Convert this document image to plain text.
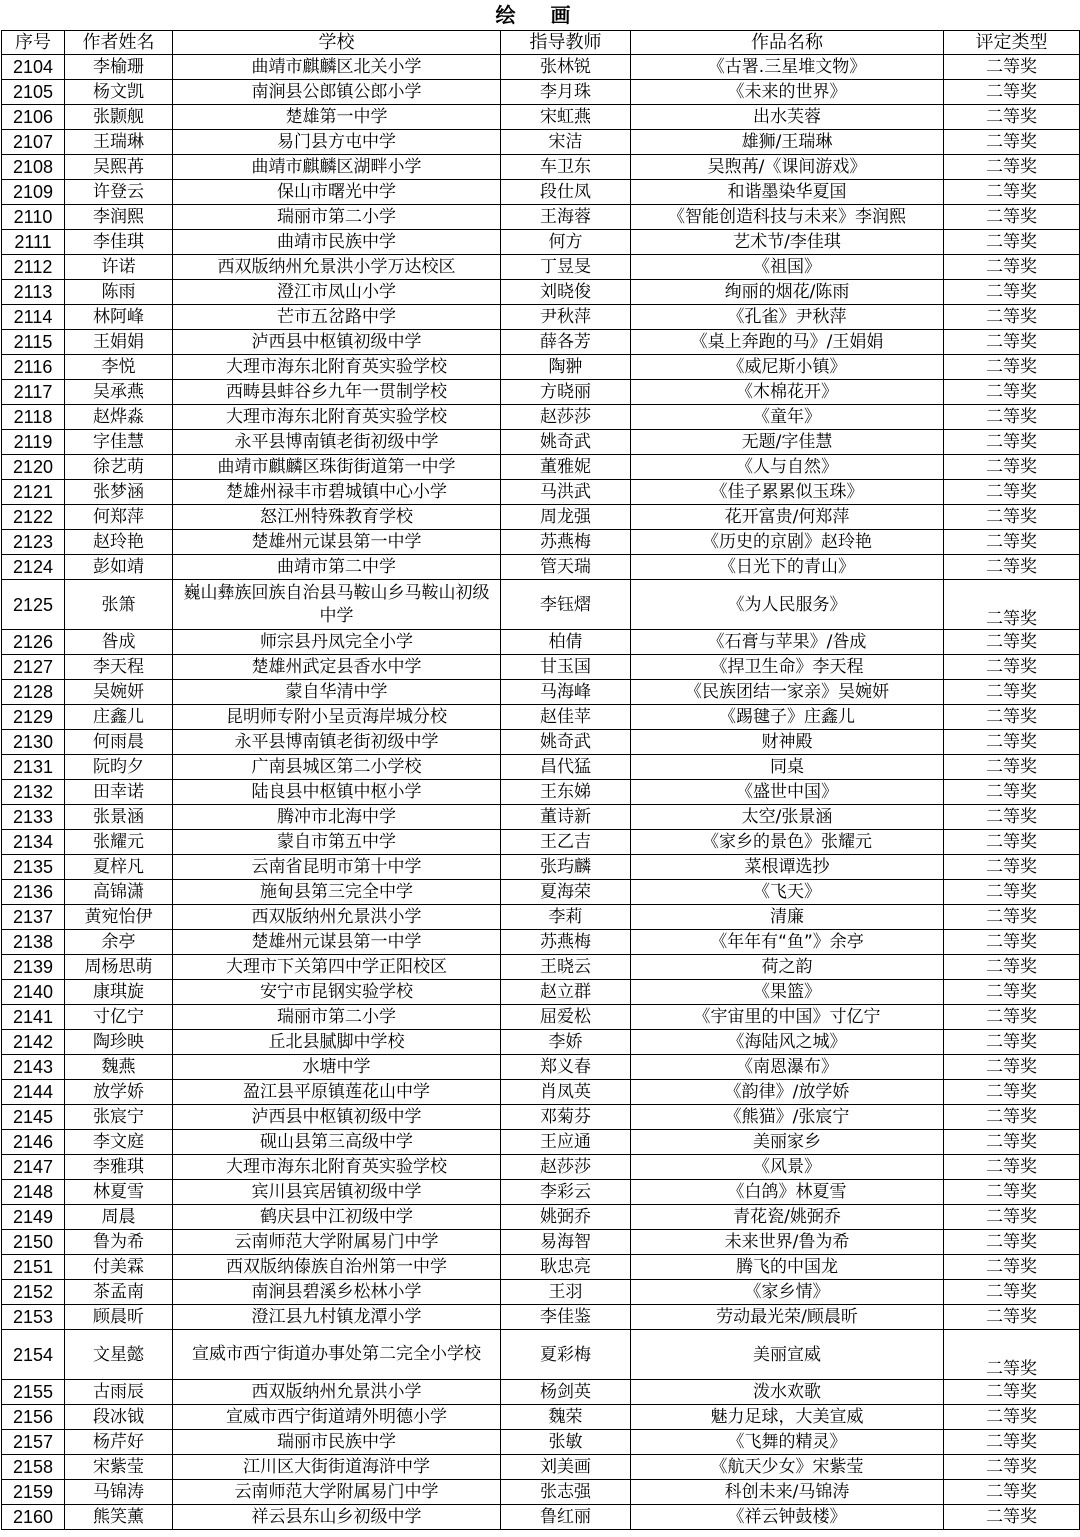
绘 画
序号	作者姓名	学校	指导教师	作品名称	评定类型
2104	李榆珊	曲靖市麒麟区北关小学	张林锐	《古署.三星堆文物》	二等奖
2105	杨文凯	南涧县公郎镇公郎小学	李月珠	《未来的世界》	二等奖
2106	张颢舰	楚雄第一中学	宋虹燕	出水芙蓉	二等奖
2107	王瑞琳	易门县方屯中学	宋洁	雄狮/王瑞琳	二等奖
2108	吴熙苒	曲靖市麒麟区湖畔小学	车卫东	吴煦苒/《课间游戏》	二等奖
2109	许登云	保山市曙光中学	段仕凤	和谐墨染华夏国	二等奖
2110	李润熙	瑞丽市第二小学	王海蓉	《智能创造科技与未来》李润熙	二等奖
2111	李佳琪	曲靖市民族中学	何方	艺术节/李佳琪	二等奖
2112	许诺	西双版纳州允景洪小学万达校区	丁昱旻	《祖国》	二等奖
2113	陈雨	澄江市凤山小学	刘晓俊	绚丽的烟花/陈雨	二等奖
2114	林阿峰	芒市五岔路中学	尹秋萍	《孔雀》尹秋萍	二等奖
2115	王娟娟	泸西县中枢镇初级中学	薛各芳	《桌上奔跑的马》/王娟娟	二等奖
2116	李悦	大理市海东北附育英实验学校	陶翀	《威尼斯小镇》	二等奖
2117	吴承燕	西畴县蚌谷乡九年一贯制学校	方晓丽	《木棉花开》	二等奖
2118	赵烨淼	大理市海东北附育英实验学校	赵莎莎	《童年》	二等奖
2119	字佳慧	永平县博南镇老街初级中学	姚奇武	无题/字佳慧	二等奖
2120	徐艺萌	曲靖市麒麟区珠街街道第一中学	董雅妮	《人与自然》	二等奖
2121	张梦涵	楚雄州禄丰市碧城镇中心小学	马洪武	《佳子累累似玉珠》	二等奖
2122	何郑萍	怒江州特殊教育学校	周龙强	花开富贵/何郑萍	二等奖
2123	赵玲艳	楚雄州元谋县第一中学	苏燕梅	《历史的京剧》赵玲艳	二等奖
2124	彭如靖	曲靖市第二中学	管天瑞	《日光下的青山》	二等奖
2125	张箫	巍山彝族回族自治县马鞍山乡马鞍山初级中学	李钰熠	《为人民服务》	二等奖
2126	昝成	师宗县丹凤完全小学	柏倩	《石膏与苹果》/昝成	二等奖
2127	李天程	楚雄州武定县香水中学	甘玉国	《捍卫生命》李天程	二等奖
2128	吴婉妍	蒙自华清中学	马海峰	《民族团结一家亲》吴婉妍	二等奖
2129	庄鑫儿	昆明师专附小呈贡海岸城分校	赵佳苹	《踢毽子》庄鑫儿	二等奖
2130	何雨晨	永平县博南镇老街初级中学	姚奇武	财神殿	二等奖
2131	阮昀夕	广南县城区第二小学校	昌代猛	同桌	二等奖
2132	田幸诺	陆良县中枢镇中枢小学	王东娣	《盛世中国》	二等奖
2133	张景涵	腾冲市北海中学	董诗新	太空/张景涵	二等奖
2134	张耀元	蒙自市第五中学	王乙吉	《家乡的景色》张耀元	二等奖
2135	夏梓凡	云南省昆明市第十中学	张玙麟	菜根谭选抄	二等奖
2136	高锦潇	施甸县第三完全中学	夏海荣	《飞天》	二等奖
2137	黄宛怡伊	西双版纳州允景洪小学	李莉	清廉	二等奖
2138	余亭	楚雄州元谋县第一中学	苏燕梅	《年年有“鱼”》余亭	二等奖
2139	周杨思萌	大理市下关第四中学正阳校区	王晓云	荷之韵	二等奖
2140	康琪旋	安宁市昆钢实验学校	赵立群	《果篮》	二等奖
2141	寸亿宁	瑞丽市第二小学	屈爱松	《宇宙里的中国》寸亿宁	二等奖
2142	陶珍映	丘北县腻脚中学校	李娇	《海陆风之城》	二等奖
2143	魏燕	水塘中学	郑义春	《南恩瀑布》	二等奖
2144	放学娇	盈江县平原镇莲花山中学	肖凤英	《韵律》/放学娇	二等奖
2145	张宸宁	泸西县中枢镇初级中学	邓菊芬	《熊猫》/张宸宁	二等奖
2146	李文庭	砚山县第三高级中学	王应通	美丽家乡	二等奖
2147	李雅琪	大理市海东北附育英实验学校	赵莎莎	《风景》	二等奖
2148	林夏雪	宾川县宾居镇初级中学	李彩云	《白鸽》林夏雪	二等奖
2149	周晨	鹤庆县中江初级中学	姚弼乔	青花瓷/姚弼乔	二等奖
2150	鲁为希	云南师范大学附属易门中学	易海智	未来世界/鲁为希	二等奖
2151	付美霖	西双版纳傣族自治州第一中学	耿忠亮	腾飞的中国龙	二等奖
2152	茶孟南	南涧县碧溪乡松林小学	王羽	《家乡情》	二等奖
2153	顾晨昕	澄江县九村镇龙潭小学	李佳鉴	劳动最光荣/顾晨昕	二等奖
2154	文星懿	宣威市西宁街道办事处第二完全小学校	夏彩梅	美丽宣威	二等奖
2155	古雨辰	西双版纳州允景洪小学	杨剑英	泼水欢歌	二等奖
2156	段冰钺	宣威市西宁街道靖外明德小学	魏荣	魅力足球，大美宣威	二等奖
2157	杨芹好	瑞丽市民族中学	张敏	《飞舞的精灵》	二等奖
2158	宋紫莹	江川区大街街道海浒中学	刘美画	《航天少女》宋紫莹	二等奖
2159	马锦涛	云南师范大学附属易门中学	张志强	科创未来/马锦涛	二等奖
2160	熊笑薰	祥云县东山乡初级中学	鲁红丽	《祥云钟鼓楼》	二等奖
